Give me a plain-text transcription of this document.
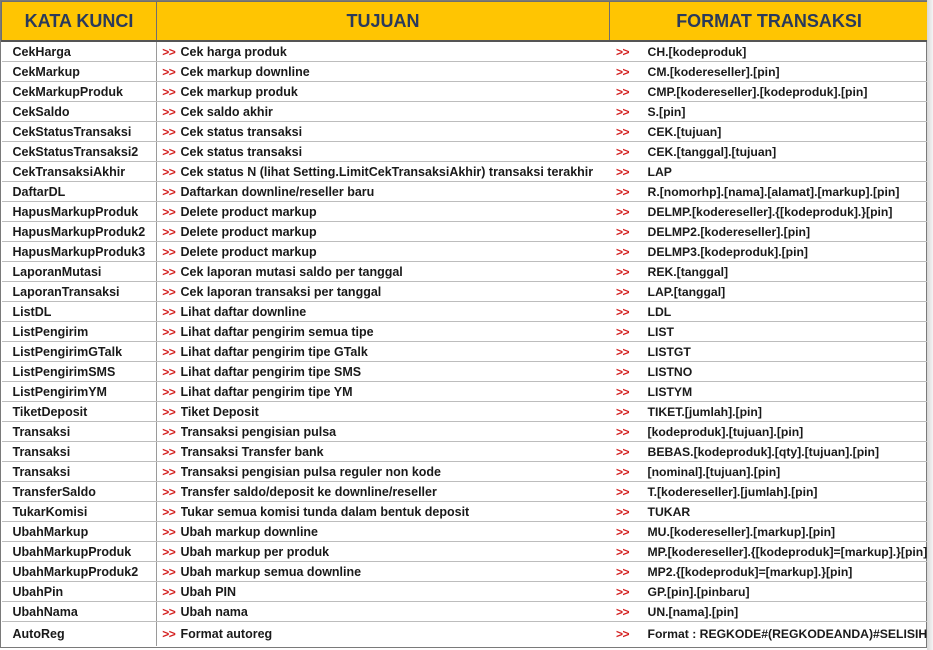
KATA KUNCI	TUJUAN		FORMAT TRANSAKSI	
CekHarga	>>	Cek harga produk	>>	CH.[kodeproduk]
CekMarkup	>>	Cek markup downline	>>	CM.[kodereseller].[pin]
CekMarkupProduk	>>	Cek markup produk	>>	CMP.[kodereseller].[kodeproduk].[pin]
CekSaldo	>>	Cek saldo akhir	>>	S.[pin]
CekStatusTransaksi	>>	Cek status transaksi	>>	CEK.[tujuan]
CekStatusTransaksi2	>>	Cek status transaksi	>>	CEK.[tanggal].[tujuan]
CekTransaksiAkhir	>>	Cek status N (lihat Setting.LimitCekTransaksiAkhir) transaksi terakhir	>>	LAP
DaftarDL	>>	Daftarkan downline/reseller baru	>>	R.[nomorhp].[nama].[alamat].[markup].[pin]
HapusMarkupProduk	>>	Delete product markup	>>	DELMP.[kodereseller].{[kodeproduk].}[pin]
HapusMarkupProduk2	>>	Delete product markup	>>	DELMP2.[kodereseller].[pin]
HapusMarkupProduk3	>>	Delete product markup	>>	DELMP3.[kodeproduk].[pin]
LaporanMutasi	>>	Cek laporan mutasi saldo per tanggal	>>	REK.[tanggal]
LaporanTransaksi	>>	Cek laporan transaksi per tanggal	>>	LAP.[tanggal]
ListDL	>>	Lihat daftar downline	>>	LDL
ListPengirim	>>	Lihat daftar pengirim semua tipe	>>	LIST
ListPengirimGTalk	>>	Lihat daftar pengirim tipe GTalk	>>	LISTGT
ListPengirimSMS	>>	Lihat daftar pengirim tipe SMS	>>	LISTNO
ListPengirimYM	>>	Lihat daftar pengirim tipe YM	>>	LISTYM
TiketDeposit	>>	Tiket Deposit	>>	TIKET.[jumlah].[pin]
Transaksi	>>	Transaksi pengisian pulsa	>>	[kodeproduk].[tujuan].[pin]
Transaksi	>>	Transaksi Transfer bank	>>	BEBAS.[kodeproduk].[qty].[tujuan].[pin]
Transaksi	>>	Transaksi pengisian pulsa reguler non kode	>>	[nominal].[tujuan].[pin]
TransferSaldo	>>	Transfer saldo/deposit ke downline/reseller	>>	T.[kodereseller].[jumlah].[pin]
TukarKomisi	>>	Tukar semua komisi tunda dalam bentuk deposit	>>	TUKAR
UbahMarkup	>>	Ubah markup downline	>>	MU.[kodereseller].[markup].[pin]
UbahMarkupProduk	>>	Ubah markup per produk	>>	MP.[kodereseller].{[kodeproduk]=[markup].}[pin]
UbahMarkupProduk2	>>	Ubah markup semua downline	>>	MP2.{[kodeproduk]=[markup].}[pin]
UbahPin	>>	Ubah PIN	>>	GP.[pin].[pinbaru]
UbahNama	>>	Ubah nama	>>	UN.[nama].[pin]
AutoReg	>>	Format autoreg	>>	Format : REGKODE#(REGKODEANDA)#SELISIH
